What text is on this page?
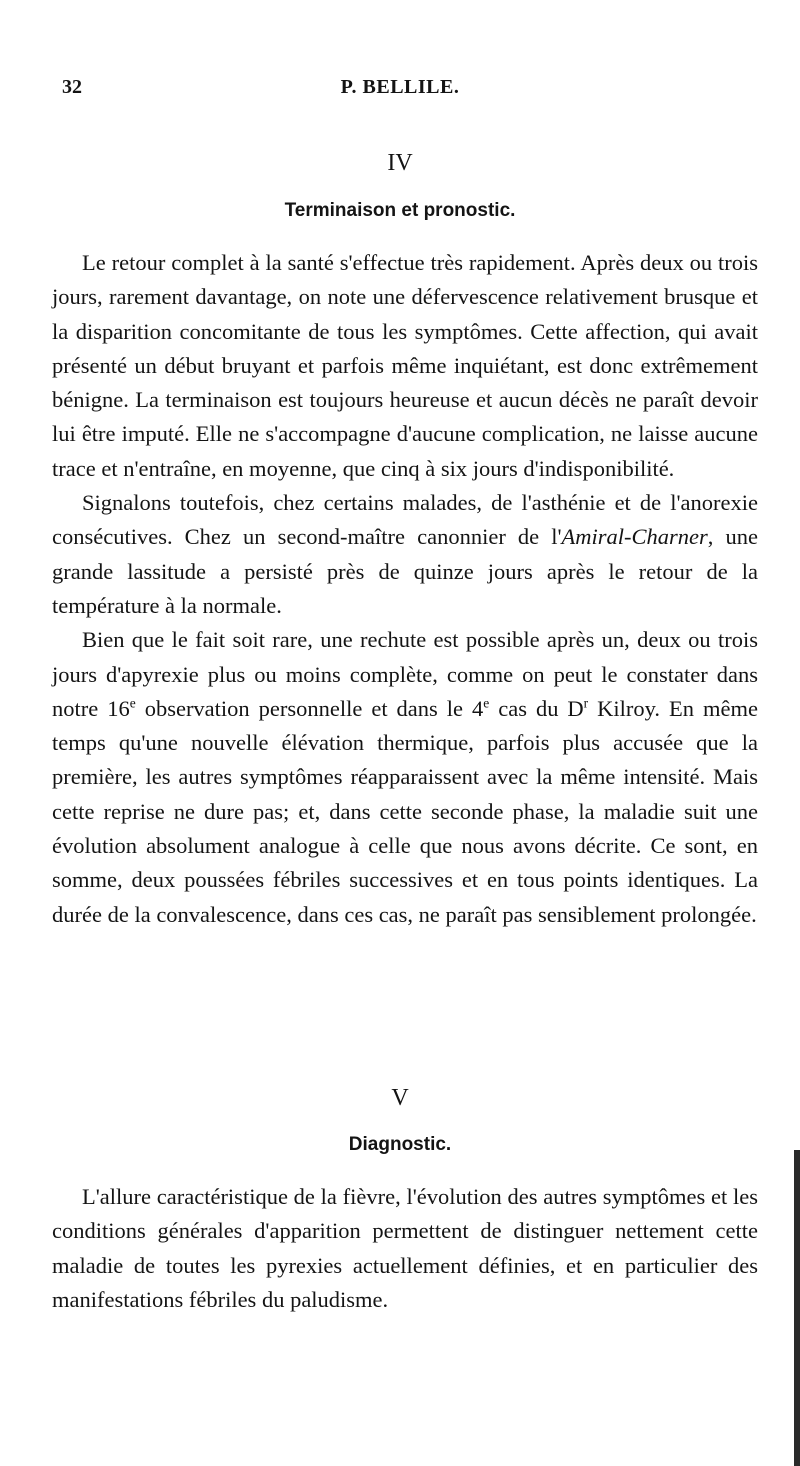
32	P. BELLILE.
IV
Terminaison et pronostic.

Le retour complet à la santé s'effectue très rapidement. Après deux ou trois jours, rarement davantage, on note une défervescence relativement brusque et la disparition concomitante de tous les symptômes. Cette affection, qui avait présenté un début bruyant et parfois même inquiétant, est donc extrêmement bénigne. La terminaison est toujours heureuse et aucun décès ne paraît devoir lui être imputé. Elle ne s'accompagne d'aucune complication, ne laisse aucune trace et n'entraîne, en moyenne, que cinq à six jours d'indisponibilité.

Signalons toutefois, chez certains malades, de l'asthénie et de l'anorexie consécutives. Chez un second-maître canonnier de l'Amiral-Charner, une grande lassitude a persisté près de quinze jours après le retour de la température à la normale.

Bien que le fait soit rare, une rechute est possible après un, deux ou trois jours d'apyrexie plus ou moins complète, comme on peut le constater dans notre 16e observation personnelle et dans le 4e cas du $D^r$ Kilroy. En même temps qu'une nouvelle élévation thermique, parfois plus accusée que la première, les autres symptômes réapparaissent avec la même intensité. Mais cette reprise ne dure pas; et, dans cette seconde phase, la maladie suit une évolution absolument analogue à celle que nous avons décrite. Ce sont, en somme, deux poussées fébriles successives et en tous points identiques. La durée de la convalescence, dans ces cas, ne paraît pas sensiblement prolongée.

V
Diagnostic.

L'allure caractéristique de la fièvre, l'évolution des autres symptômes et les conditions générales d'apparition permettent de distinguer nettement cette maladie de toutes les pyrexies actuellement définies, et en particulier des manifestations fébriles du paludisme.
